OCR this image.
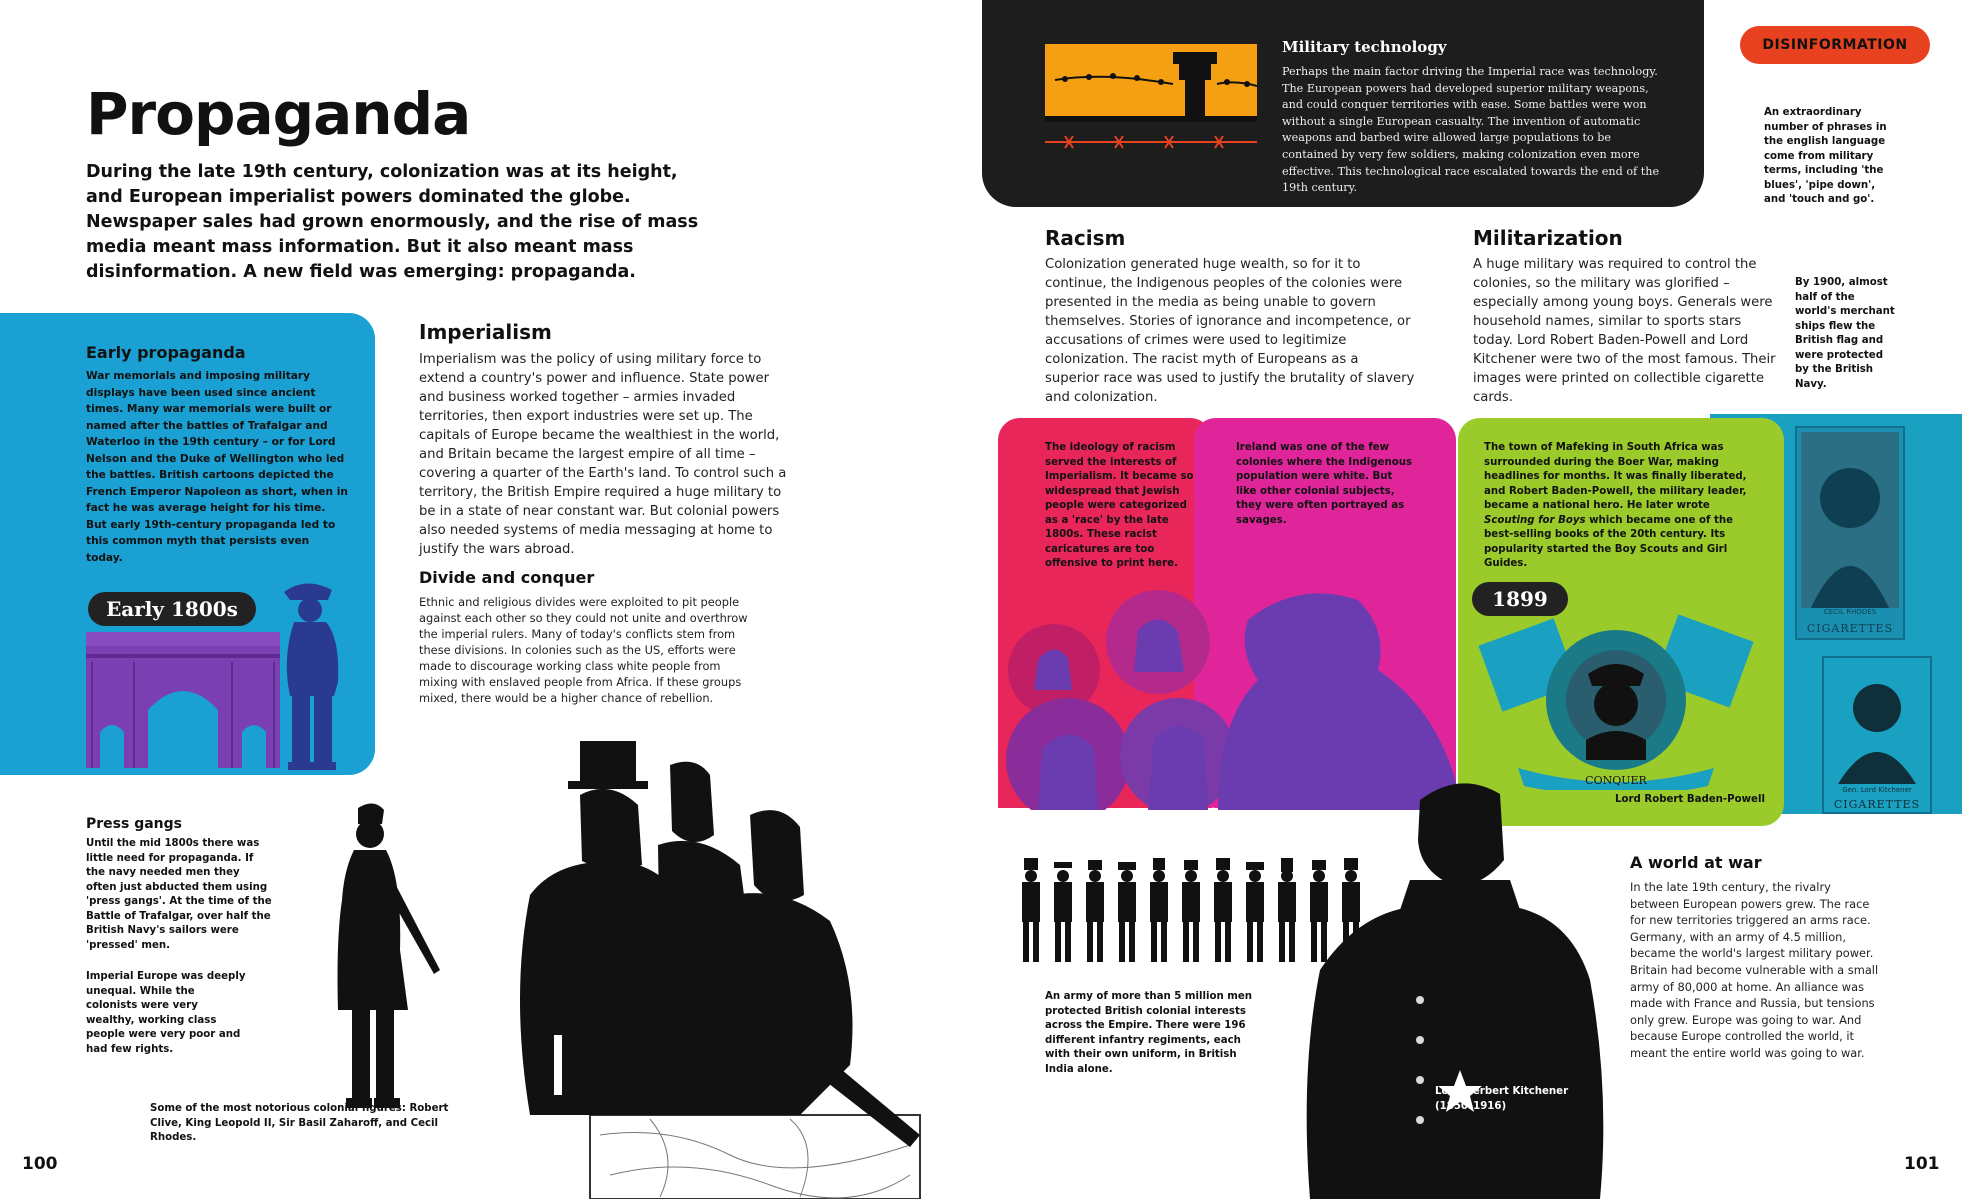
Propaganda
During the late 19th century, colonization was at its height, and European imperialist powers dominated the globe. Newspaper sales had grown enormously, and the rise of mass media meant mass information. But it also meant mass disinformation. A new field was emerging: propaganda.
Early propaganda
War memorials and imposing military displays have been used since ancient times. Many war memorials were built or named after the battles of Trafalgar and Waterloo in the 19th century – or for Lord Nelson and the Duke of Wellington who led the battles. British cartoons depicted the French Emperor Napoleon as short, when in fact he was average height for his time. But early 19th-century propaganda led to this common myth that persists even today.
Early 1800s
Imperialism
Imperialism was the policy of using military force to extend a country's power and influence. State power and business worked together – armies invaded territories, then export industries were set up. The capitals of Europe became the wealthiest in the world, and Britain became the largest empire of all time – covering a quarter of the Earth's land. To control such a territory, the British Empire required a huge military to be in a state of near constant war. But colonial powers also needed systems of media messaging at home to justify the wars abroad.
Divide and conquer
Ethnic and religious divides were exploited to pit people against each other so they could not unite and overthrow the imperial rulers. Many of today's conflicts stem from these divisions. In colonies such as the US, efforts were made to discourage working class white people from mixing with enslaved people from Africa. If these groups mixed, there would be a higher chance of rebellion.
Press gangs
Until the mid 1800s there was little need for propaganda. If the navy needed men they often just abducted them using 'press gangs'. At the time of the Battle of Trafalgar, over half the British Navy's sailors were 'pressed' men.
Imperial Europe was deeply unequal. While the colonists were very wealthy, working class people were very poor and had few rights.
Some of the most notorious colonial figures: Robert Clive, King Leopold II, Sir Basil Zaharoff, and Cecil Rhodes.
100
Military technology
Perhaps the main factor driving the Imperial race was technology. The European powers had developed superior military weapons, and could conquer territories with ease. Some battles were won without a single European casualty. The invention of automatic weapons and barbed wire allowed large populations to be contained by very few soldiers, making colonization even more effective. This technological race escalated towards the end of the 19th century.
DISINFORMATION
An extraordinary number of phrases in the english language come from military terms, including 'the blues', 'pipe down', and 'touch and go'.
Racism
Colonization generated huge wealth, so for it to continue, the Indigenous peoples of the colonies were presented in the media as being unable to govern themselves. Stories of ignorance and incompetence, or accusations of crimes were used to legitimize colonization. The racist myth of Europeans as a superior race was used to justify the brutality of slavery and colonization.
Militarization
A huge military was required to control the colonies, so the military was glorified – especially among young boys. Generals were household names, similar to sports stars today. Lord Robert Baden-Powell and Lord Kitchener were two of the most famous. Their images were printed on collectible cigarette cards.
By 1900, almost half of the world's merchant ships flew the British flag and were protected by the British Navy.
The ideology of racism served the interests of Imperialism. It became so widespread that Jewish people were categorized as a 'race' by the late 1800s. These racist caricatures are too offensive to print here.
Ireland was one of the few colonies where the Indigenous population were white. But like other colonial subjects, they were often portrayed as savages.
The town of Mafeking in South Africa was surrounded during the Boer War, making headlines for months. It was finally liberated, and Robert Baden-Powell, the military leader, became a national hero. He later wrote Scouting for Boys which became one of the best-selling books of the 20th century. Its popularity started the Boy Scouts and Girl Guides.
1899
CONQUER
Lord Robert Baden-Powell
CECIL RHODES
CIGARETTES
Gen. Lord Kitchener
CIGARETTES
An army of more than 5 million men protected British colonial interests across the Empire. There were 196 different infantry regiments, each with their own uniform, in British India alone.
Lord Herbert Kitchener
(1850–1916)
A world at war
In the late 19th century, the rivalry between European powers grew. The race for new territories triggered an arms race. Germany, with an army of 4.5 million, became the world's largest military power. Britain had become vulnerable with a small army of 80,000 at home. An alliance was made with France and Russia, but tensions only grew. Europe was going to war. And because Europe controlled the world, it meant the entire world was going to war.
101
